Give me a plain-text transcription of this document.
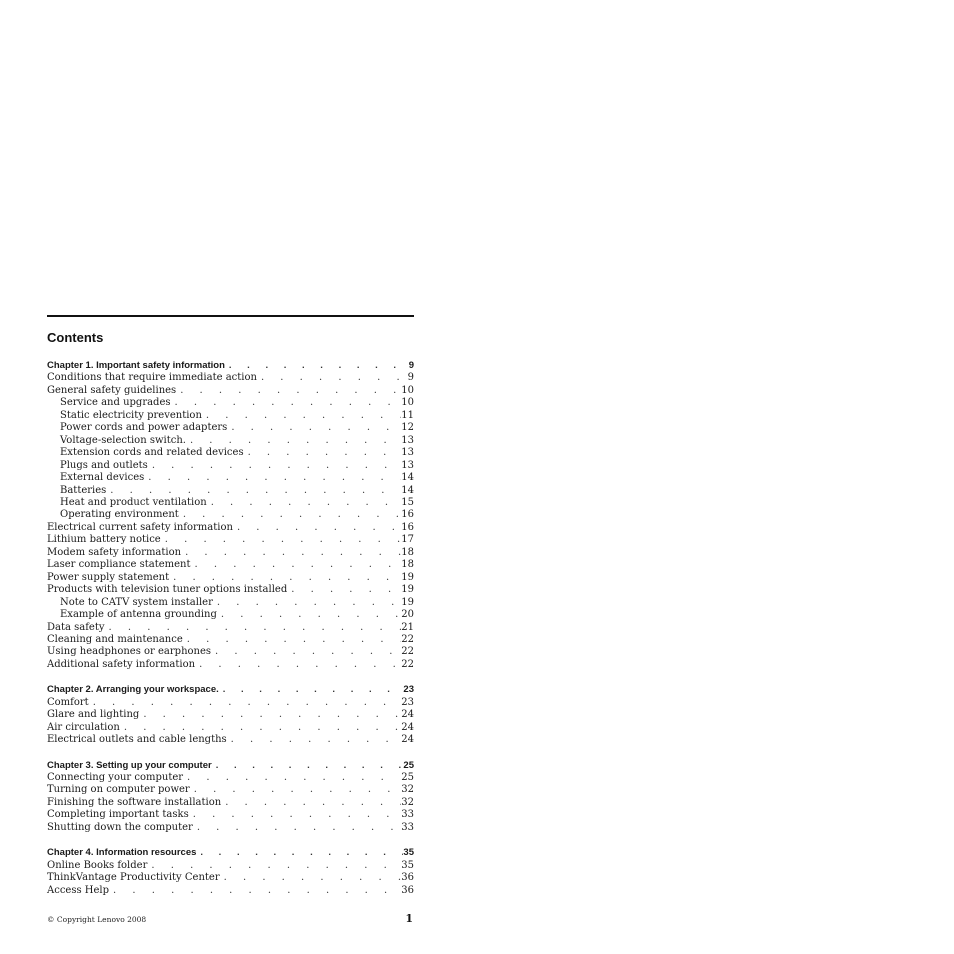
Contents
Chapter 1. Important safety information . . .	9
Conditions that require immediate action . . .	9
General safety guidelines . . .	10
Service and upgrades . . .	10
Static electricity prevention . . .	11
Power cords and power adapters . . .	12
Voltage-selection switch. . . .	13
Extension cords and related devices . . .	13
Plugs and outlets . . .	13
External devices . . .	14
Batteries . . .	14
Heat and product ventilation . . .	15
Operating environment . . .	16
Electrical current safety information . . .	16
Lithium battery notice . . .	17
Modem safety information . . .	18
Laser compliance statement . . .	18
Power supply statement . . .	19
Products with television tuner options installed . . .	19
Note to CATV system installer . . .	19
Example of antenna grounding . . .	20
Data safety . . .	21
Cleaning and maintenance . . .	22
Using headphones or earphones . . .	22
Additional safety information . . .	22
Chapter 2. Arranging your workspace. . . .	23
Comfort . . .	23
Glare and lighting . . .	24
Air circulation . . .	24
Electrical outlets and cable lengths . . .	24
Chapter 3. Setting up your computer . . .	25
Connecting your computer . . .	25
Turning on computer power . . .	32
Finishing the software installation . . .	32
Completing important tasks . . .	33
Shutting down the computer . . .	33
Chapter 4. Information resources . . .	35
Online Books folder . . .	35
ThinkVantage Productivity Center . . .	36
Access Help . . .	36
© Copyright Lenovo 2008	1
